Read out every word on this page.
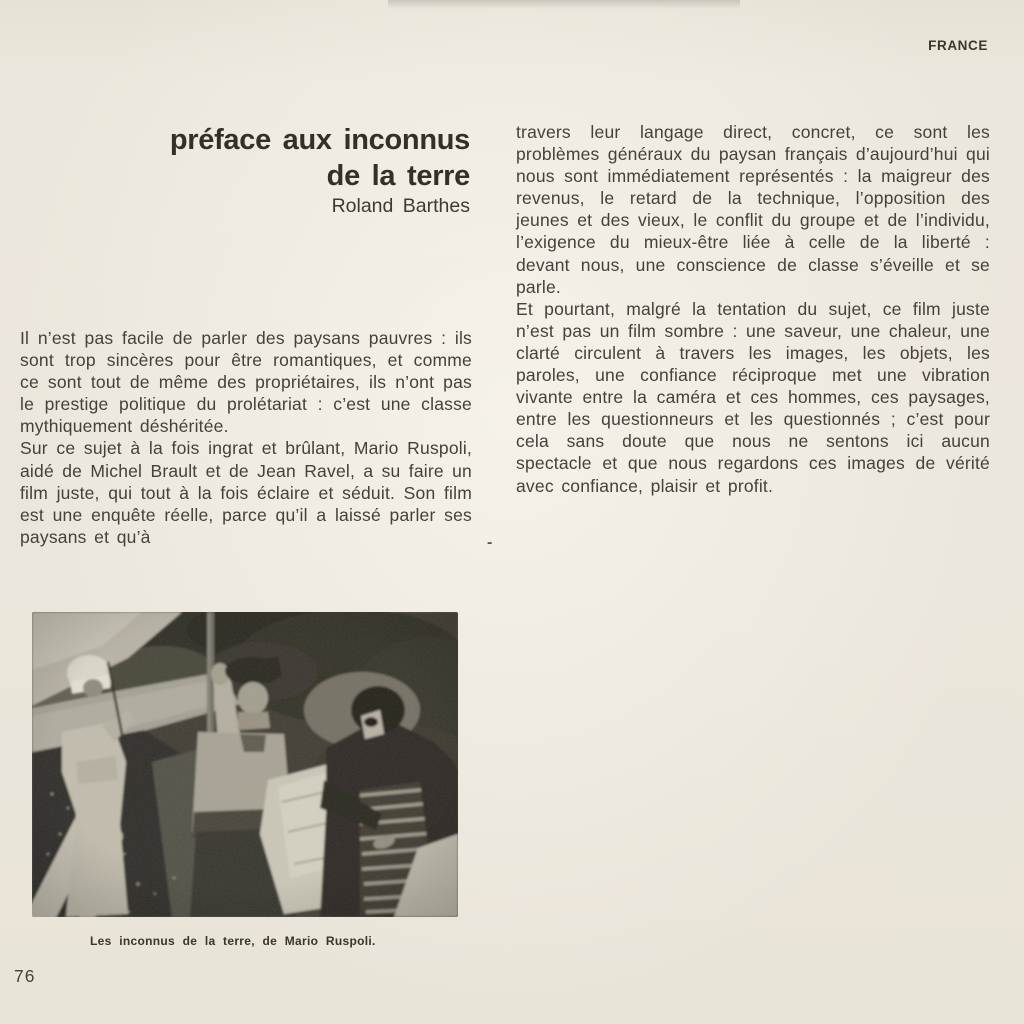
FRANCE
préface aux inconnus
de la terre
Roland Barthes

Il n’est pas facile de parler des paysans pauvres : ils sont trop sincères pour être romantiques, et comme ce sont tout de même des propriétaires, ils n’ont pas le prestige politique du prolétariat : c’est une classe mythiquement déshéritée.

Sur ce sujet à la fois ingrat et brûlant, Mario Ruspoli, aidé de Michel Brault et de Jean Ravel, a su faire un film juste, qui tout à la fois éclaire et séduit. Son film est une enquête réelle, parce qu’il a laissé parler ses paysans et qu’à	-

travers leur langage direct, concret, ce sont les problèmes généraux du paysan français d’aujourd’hui qui nous sont immédiatement représentés : la maigreur des revenus, le retard de la technique, l’opposition des jeunes et des vieux, le conflit du groupe et de l’individu, l’exigence du mieux-être liée à celle de la liberté : devant nous, une conscience de classe s’éveille et se parle.

Et pourtant, malgré la tentation du sujet, ce film juste n’est pas un film sombre : une saveur, une chaleur, une clarté circulent à travers les images, les objets, les paroles, une confiance réciproque met une vibration vivante entre la caméra et ces hommes, ces paysages, entre les questionneurs et les questionnés ; c’est pour cela sans doute que nous ne sentons ici aucun spectacle et que nous regardons ces images de vérité avec confiance, plaisir et profit.

Les inconnus de la terre, de Mario Ruspoli.
76
